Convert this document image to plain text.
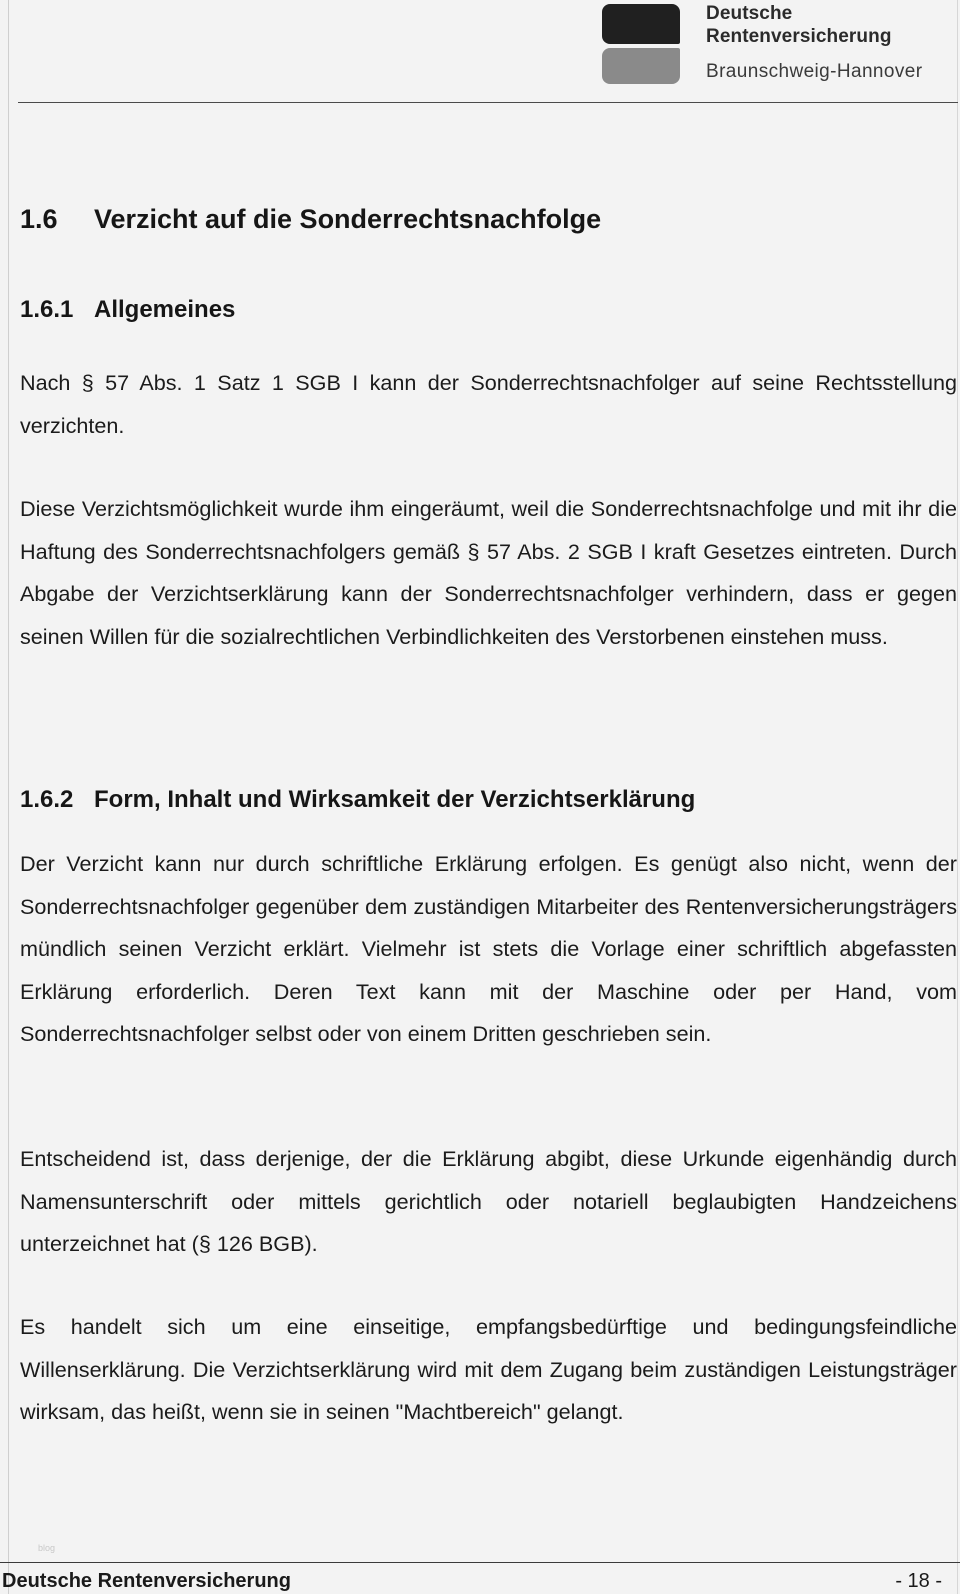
Deutsche
Rentenversicherung
Braunschweig-Hannover
1.6	Verzicht auf die Sonderrechtsnachfolge
1.6.1 Allgemeines

Nach § 57 Abs. 1 Satz 1 SGB I kann der Sonderrechtsnachfolger auf seine Rechtsstellung verzichten.

Diese Verzichtsmöglichkeit wurde ihm eingeräumt, weil die Sonderrechtsnachfolge und mit ihr die Haftung des Sonderrechtsnachfolgers gemäß § 57 Abs. 2 SGB I kraft Gesetzes eintreten. Durch Abgabe der Verzichtserklärung kann der Sonderrechtsnachfolger verhindern, dass er gegen seinen Willen für die sozialrechtlichen Verbindlichkeiten des Verstorbenen einstehen muss.

1.6.2 Form, Inhalt und Wirksamkeit der Verzichtserklärung

Der Verzicht kann nur durch schriftliche Erklärung erfolgen. Es genügt also nicht, wenn der Sonderrechtsnachfolger gegenüber dem zuständigen Mitarbeiter des Rentenversicherungsträgers mündlich seinen Verzicht erklärt. Vielmehr ist stets die Vorlage einer schriftlich abgefassten Erklärung erforderlich. Deren Text kann mit der Maschine oder per Hand, vom Sonderrechtsnachfolger selbst oder von einem Dritten geschrieben sein.

Entscheidend ist, dass derjenige, der die Erklärung abgibt, diese Urkunde eigenhändig durch Namensunterschrift oder mittels gerichtlich oder notariell beglaubigten Handzeichens unterzeichnet hat (§ 126 BGB).

Es handelt sich um eine einseitige, empfangsbedürftige und bedingungsfeindliche Willenserklärung. Die Verzichtserklärung wird mit dem Zugang beim zuständigen Leistungsträger wirksam, das heißt, wenn sie in seinen "Machtbereich" gelangt.

blog
Deutsche Rentenversicherung	- 18 -
